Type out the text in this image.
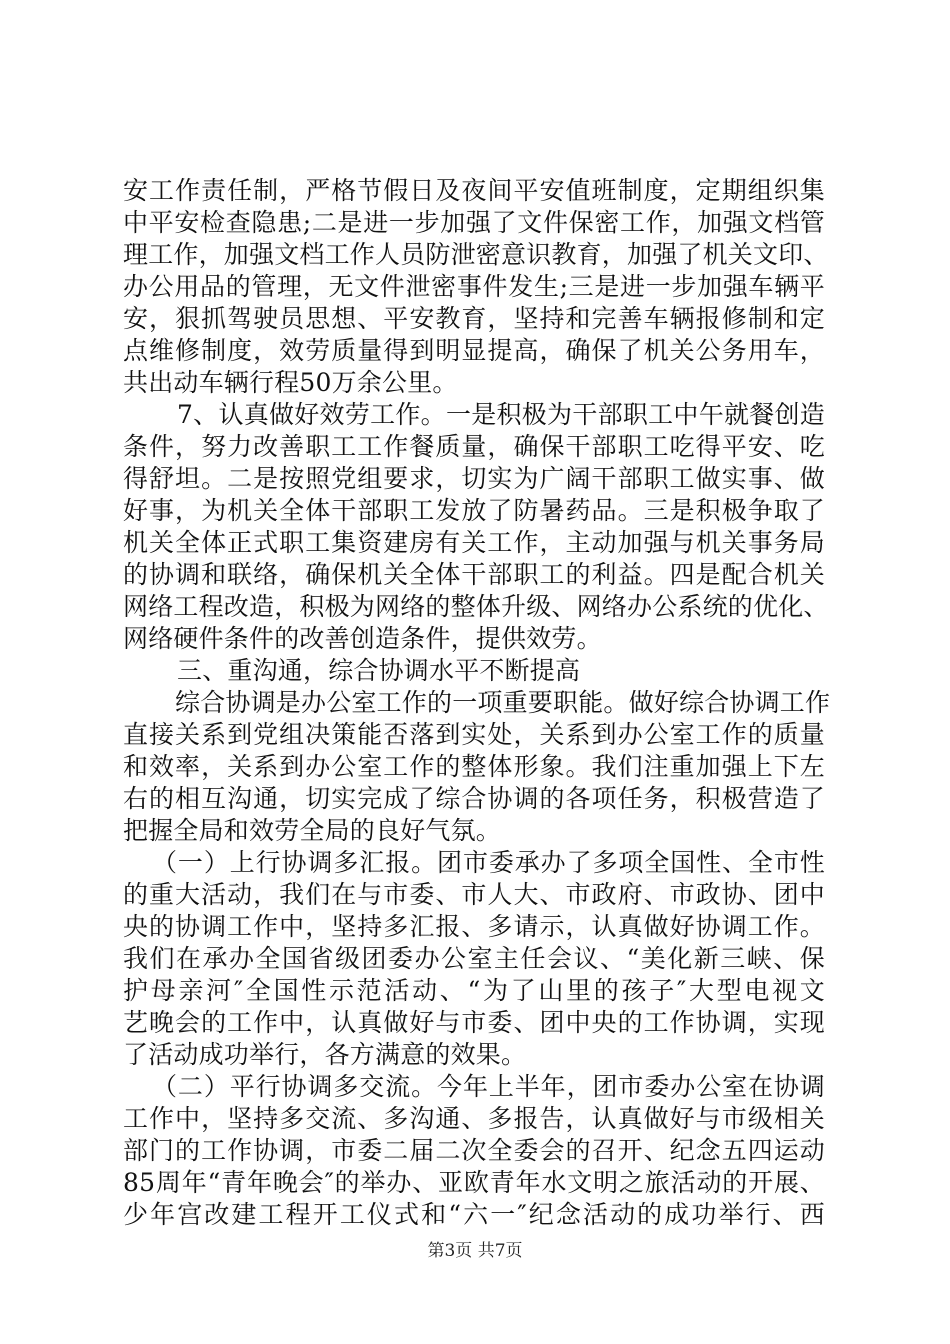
安工作责任制，严格节假日及夜间平安值班制度，定期组织集
中平安检查隐患;二是进一步加强了文件保密工作，加强文档管
理工作，加强文档工作人员防泄密意识教育，加强了机关文印、
办公用品的管理，无文件泄密事件发生;三是进一步加强车辆平
安，狠抓驾驶员思想、平安教育，坚持和完善车辆报修制和定
点维修制度，效劳质量得到明显提高，确保了机关公务用车，
共出动车辆行程50万余公里。
7、认真做好效劳工作。一是积极为干部职工中午就餐创造
条件，努力改善职工工作餐质量，确保干部职工吃得平安、吃
得舒坦。二是按照党组要求，切实为广阔干部职工做实事、做
好事，为机关全体干部职工发放了防暑药品。三是积极争取了
机关全体正式职工集资建房有关工作，主动加强与机关事务局
的协调和联络，确保机关全体干部职工的利益。四是配合机关
网络工程改造，积极为网络的整体升级、网络办公系统的优化、
网络硬件条件的改善创造条件，提供效劳。
三、重沟通，综合协调水平不断提高
综合协调是办公室工作的一项重要职能。做好综合协调工作
直接关系到党组决策能否落到实处，关系到办公室工作的质量
和效率，关系到办公室工作的整体形象。我们注重加强上下左
右的相互沟通，切实完成了综合协调的各项任务，积极营造了
把握全局和效劳全局的良好气氛。
（一）上行协调多汇报。团市委承办了多项全国性、全市性
的重大活动，我们在与市委、市人大、市政府、市政协、团中
央的协调工作中，坚持多汇报、多请示，认真做好协调工作。
我们在承办全国省级团委办公室主任会议、“美化新三峡、保
护母亲河″全国性示范活动、“为了山里的孩子″大型电视文
艺晚会的工作中，认真做好与市委、团中央的工作协调，实现
了活动成功举行，各方满意的效果。
（二）平行协调多交流。今年上半年，团市委办公室在协调
工作中，坚持多交流、多沟通、多报告，认真做好与市级相关
部门的工作协调，市委二届二次全委会的召开、纪念五四运动
85周年“青年晚会″的举办、亚欧青年水文明之旅活动的开展、
少年宫改建工程开工仪式和“六一″纪念活动的成功举行、西
第3页 共7页
